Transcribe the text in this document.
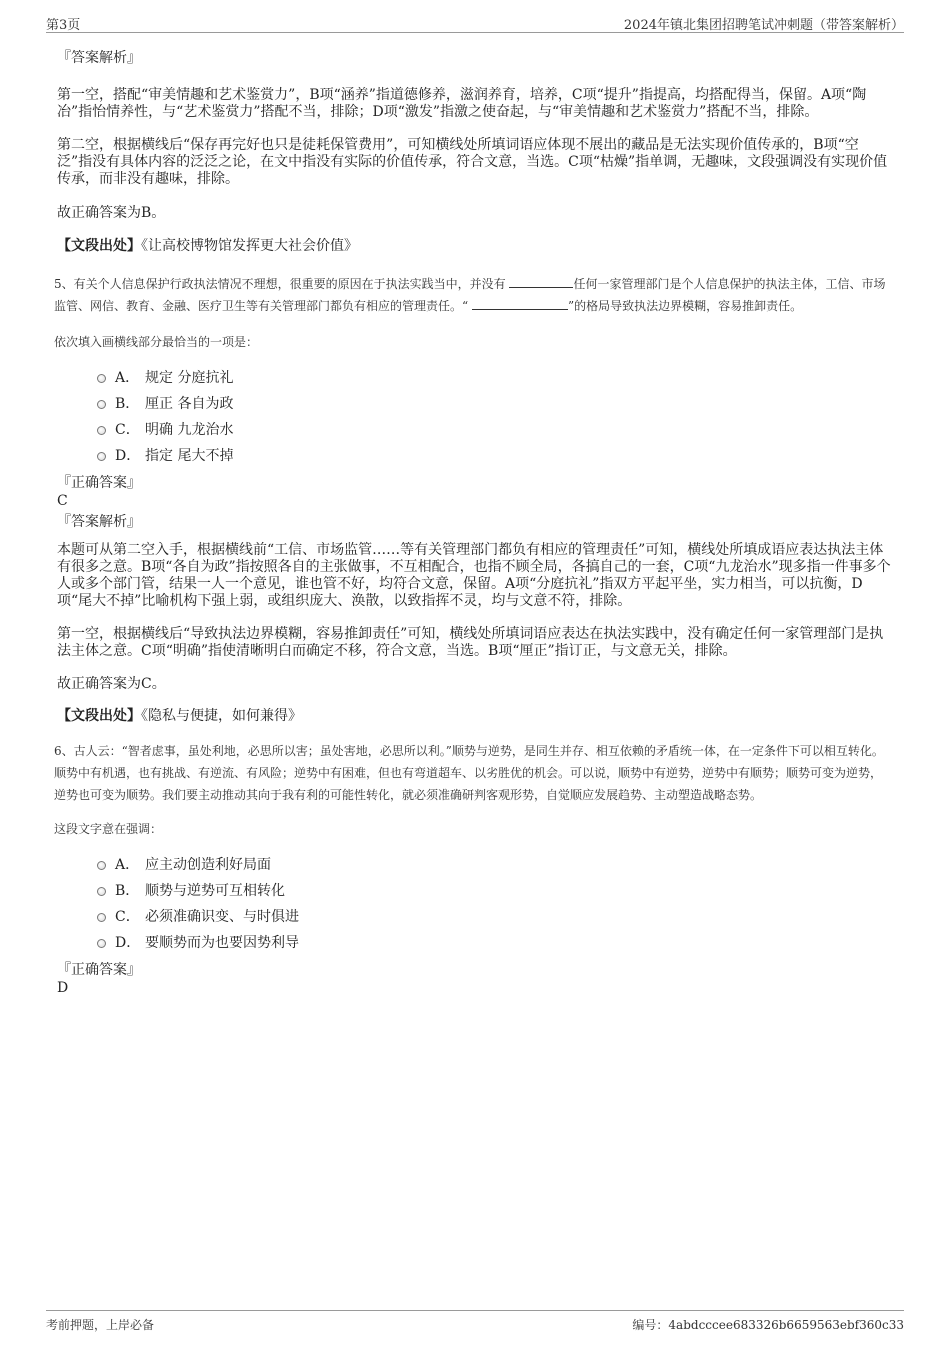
第3页	2024年镇北集团招聘笔试冲刺题（带答案解析）

『答案解析』

第一空，搭配“审美情趣和艺术鉴赏力”，B项“涵养”指道德修养，滋润养育，培养，C项“提升”指提高，均搭配得当，保留。A项“陶冶”指怡情养性，与“艺术鉴赏力”搭配不当，排除；D项“激发”指激之使奋起，与“审美情趣和艺术鉴赏力”搭配不当，排除。

第二空，根据横线后“保存再完好也只是徒耗保管费用”，可知横线处所填词语应体现不展出的藏品是无法实现价值传承的，B项“空泛”指没有具体内容的泛泛之论，在文中指没有实际的价值传承，符合文意，当选。C项“枯燥”指单调，无趣味，文段强调没有实现价值传承，而非没有趣味，排除。

故正确答案为B。

【文段出处】《让高校博物馆发挥更大社会价值》

5、有关个人信息保护行政执法情况不理想，很重要的原因在于执法实践当中，并没有	任何一家管理部门是个人信息保护的执法主体，工信、市场监管、网信、教育、金融、医疗卫生等有关管理部门都负有相应的管理责任。“	”的格局导致执法边界模糊，容易推卸责任。

依次填入画横线部分最恰当的一项是：

A． 规定 分庭抗礼
B． 厘正 各自为政
C． 明确 九龙治水
D． 指定 尾大不掉

『正确答案』

C

『答案解析』

本题可从第二空入手，根据横线前“工信、市场监管……等有关管理部门都负有相应的管理责任”可知，横线处所填成语应表达执法主体有很多之意。B项“各自为政”指按照各自的主张做事，不互相配合，也指不顾全局，各搞自己的一套，C项“九龙治水”现多指一件事多个人或多个部门管，结果一人一个意见，谁也管不好，均符合文意，保留。A项“分庭抗礼”指双方平起平坐，实力相当，可以抗衡，D项“尾大不掉”比喻机构下强上弱，或组织庞大、涣散，以致指挥不灵，均与文意不符，排除。

第一空，根据横线后“导致执法边界模糊，容易推卸责任”可知，横线处所填词语应表达在执法实践中，没有确定任何一家管理部门是执法主体之意。C项“明确”指使清晰明白而确定不移，符合文意，当选。B项“厘正”指订正，与文意无关，排除。

故正确答案为C。

【文段出处】《隐私与便捷，如何兼得》

6、古人云：“智者虑事，虽处利地，必思所以害；虽处害地，必思所以利。”顺势与逆势，是同生并存、相互依赖的矛盾统一体，在一定条件下可以相互转化。顺势中有机遇，也有挑战、有逆流、有风险；逆势中有困难，但也有弯道超车、以劣胜优的机会。可以说，顺势中有逆势，逆势中有顺势；顺势可变为逆势，逆势也可变为顺势。我们要主动推动其向于我有利的可能性转化，就必须准确研判客观形势，自觉顺应发展趋势、主动塑造战略态势。

这段文字意在强调：

A． 应主动创造利好局面
B． 顺势与逆势可互相转化
C． 必须准确识变、与时俱进
D． 要顺势而为也要因势利导

『正确答案』

D

考前押题，上岸必备	编号：4abdcccee683326b6659563ebf360c33
